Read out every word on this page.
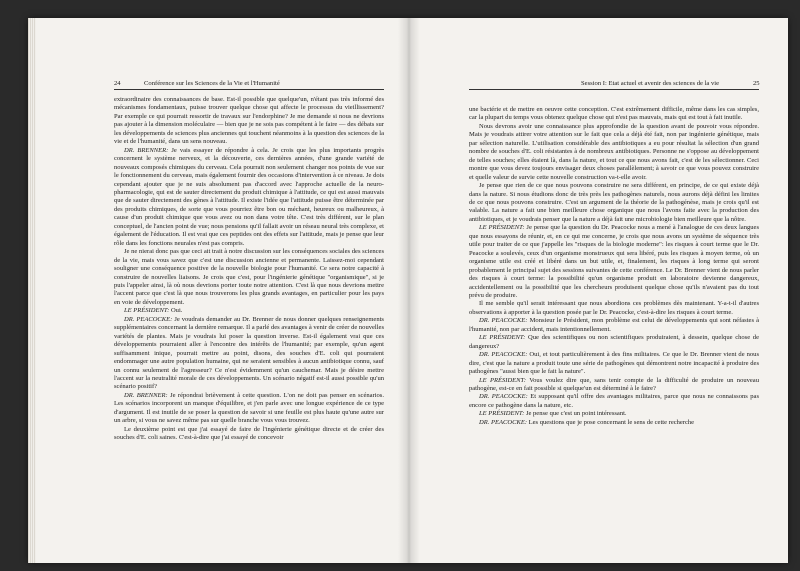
24	Conférence sur les Sciences de la Vie et l'Humanité

extraordinaire des connaissances de base. Est-il possible que quelque'un, n'étant pas très informé des mécanismes fondamentaux, puisse trouver quelque chose qui affecte le processus du vieillissement? Par exemple ce qui pourrait ressortir de travaux sur l'endorphine? Je me demande si nous ne devrions pas ajouter à la dimension moléculaire — bien que je ne sois pas compétent à le faire — des débats sur les développements de sciences plus anciennes qui touchent néanmoins à la question des sciences de la vie et de l'humanité, dans un sens nouveau.

DR. BRENNER: Je vais essayer de répondre à cela. Je crois que les plus importants progrès concernent le système nerveux, et la découverte, ces dernières années, d'une grande variété de nouveaux composés chimiques du cerveau. Cela pourrait non seulement changer nos points de vue sur le fonctionnement du cerveau, mais également fournir des occasions d'intervention à ce niveau. Je dois cependant ajouter que je ne suis absolument pas d'accord avec l'approche actuelle de la neuro-pharmacologie, qui est de sauter directement du produit chimique à l'attitude, ce qui est aussi mauvais que de sauter directement des gènes à l'attitude. Il existe l'idée que l'attitude puisse être déterminée par des produits chimiques, de sorte que vous pourriez être bon ou méchant, heureux ou malheureux, à cause d'un produit chimique que vous avez ou non dans votre tête. C'est très différent, sur le plan conceptuel, de l'ancien point de vue; nous pensions qu'il fallait avoir un réseau neural très complexe, et également de l'éducation. Il est vrai que ces peptides ont des effets sur l'attitude, mais je pense que leur rôle dans les fonctions neurales n'est pas compris.

Je ne nierai donc pas que ceci ait trait à notre discussion sur les conséquences sociales des sciences de la vie, mais vous savez que c'est une discussion ancienne et permanente. Laissez-moi cependant souligner une conséquence positive de la nouvelle biologie pour l'humanité. Ce sera notre capacité à construire de nouvelles liaisons. Je crois que c'est, pour l'ingénierie génétique "organismique", si je puis l'appeler ainsi, là où nous devrions porter toute notre attention. C'est là que nous devrions mettre l'accent parce que c'est là que nous trouverons les plus grands avantages, en particulier pour les pays en voie de développement.

LE PRÉSIDENT: Oui.

DR. PEACOCKE: Je voudrais demander au Dr. Brenner de nous donner quelques renseignements supplémentaires concernant la dernière remarque. Il a parlé des avantages à venir de créer de nouvelles variétés de plantes. Mais je voudrais lui poser la question inverse. Est-il également vrai que ces développements pourraient aller à l'encontre des intérêts de l'humanité; par exemple, qu'un agent suffisamment inique, pourrait mettre au point, disons, des souches d'E. coli qui pourraient endommager une autre population humaine, qui ne seraient sensibles à aucun antibiotique connu, sauf un connu seulement de l'agresseur? Ce n'est évidemment qu'un cauchemar. Mais je désire mettre l'accent sur la neutralité morale de ces développements. Un scénario négatif est-il aussi possible qu'un scénario positif?

DR. BRENNER: Je répondrai brièvement à cette question. L'on ne doit pas penser en scénarios. Les scénarios incorporent un manque d'équilibre, et j'en parle avec une longue expérience de ce type d'argument. Il est inutile de se poser la question de savoir si une feuille est plus haute qu'une autre sur un arbre, si vous ne savez même pas sur quelle branche vous vous trouvez.

Le deuxième point est que j'ai essayé de faire de l'ingénierie génétique directe et de créer des souches d'E. coli saines. C'est-à-dire que j'ai essayé de concevoir

Session I: Etat actuel et avenir des sciences de la vie	25

une bactérie et de mettre en oeuvre cette conception. C'est extrêmement difficile, même dans les cas simples, car la plupart du temps vous obtenez quelque chose qui n'est pas mauvais, mais qui est tout à fait inutile.

Nous devrons avoir une connaissance plus approfondie de la question avant de pouvoir vous répondre. Mais je voudrais attirer votre attention sur le fait que cela a déjà été fait, non par ingénierie génétique, mais par sélection naturelle. L'utilisation considérable des antibiotiques a eu pour résultat la sélection d'un grand nombre de souches d'E. coli résistantes à de nombreux antibiotiques. Personne ne s'oppose au développement de telles souches; elles étaient là, dans la nature, et tout ce que nous avons fait, c'est de les sélectionner. Ceci montre que vous devez toujours envisager deux choses parallèlement; à savoir ce que vous pouvez construire et quelle valeur de survie cette nouvelle construction va-t-elle avoir.

Je pense que rien de ce que nous pouvons construire ne sera différent, en principe, de ce qui existe déjà dans la nature. Si nous étudions donc de très près les pathogènes naturels, nous aurons déjà défini les limites de ce que nous pouvons construire. C'est un argument de la théorie de la pathogénèse, mais je crois qu'il est valable. La nature a fait une bien meilleure chose organique que nous l'avons faite avec la production des antibiotiques, et je voudrais penser que la nature a déjà fait une microbiologie bien meilleure que la nôtre.

LE PRÉSIDENT: Je pense que la question du Dr. Peacocke nous a mené à l'analogue de ces deux langues que nous essayons de réunir, et, en ce qui me concerne, je crois que nous avons un système de séquence très utile pour traiter de ce que j'appelle les "risques de la biologie moderne": les risques à court terme que le Dr. Peacocke a soulevés, ceux d'un organisme monstrueux qui sera libéré, puis les risques à moyen terme, où un organisme utile est créé et libéré dans un but utile, et, finalement, les risques à long terme qui seront probablement le principal sujet des sessions suivantes de cette conférence. Le Dr. Brenner vient de nous parler des risques à court terme: la possibilité qu'un organisme produit en laboratoire devienne dangereux, accidentellement ou la possibilité que les chercheurs produisent quelque chose qu'ils n'avaient pas du tout prévu de produire.

Il me semble qu'il serait intéressant que nous abordions ces problèmes dès maintenant. Y-a-t-il d'autres observations à apporter à la question posée par le Dr. Peacocke, c'est-à-dire les risques à court terme.

DR. PEACOCKE: Monsieur le Président, mon problème est celui de développements qui sont néfastes à l'humanité, non par accident, mais intentionnellement.

LE PRÉSIDENT: Que des scientifiques ou non scientifiques produiraient, à dessein, quelque chose de dangereux?

DR. PEACOCKE: Oui, et tout particulièrement à des fins militaires. Ce que le Dr. Brenner vient de nous dire, c'est que la nature a produit toute une série de pathogènes qui démontrent notre incapacité à produire des pathogènes "aussi bien que le fait la nature".

LE PRÉSIDENT: Vous voulez dire que, sans tenir compte de la difficulté de produire un nouveau pathogène, est-ce en fait possible si quelque'un est déterminé à le faire?

DR. PEACOCKE: Et supposant qu'il offre des avantages militaires, parce que nous ne connaissons pas encore ce pathogène dans la nature, etc.

LE PRÉSIDENT: Je pense que c'est un point intéressant.

DR. PEACOCKE: Les questions que je pose concernant le sens de cette recherche
